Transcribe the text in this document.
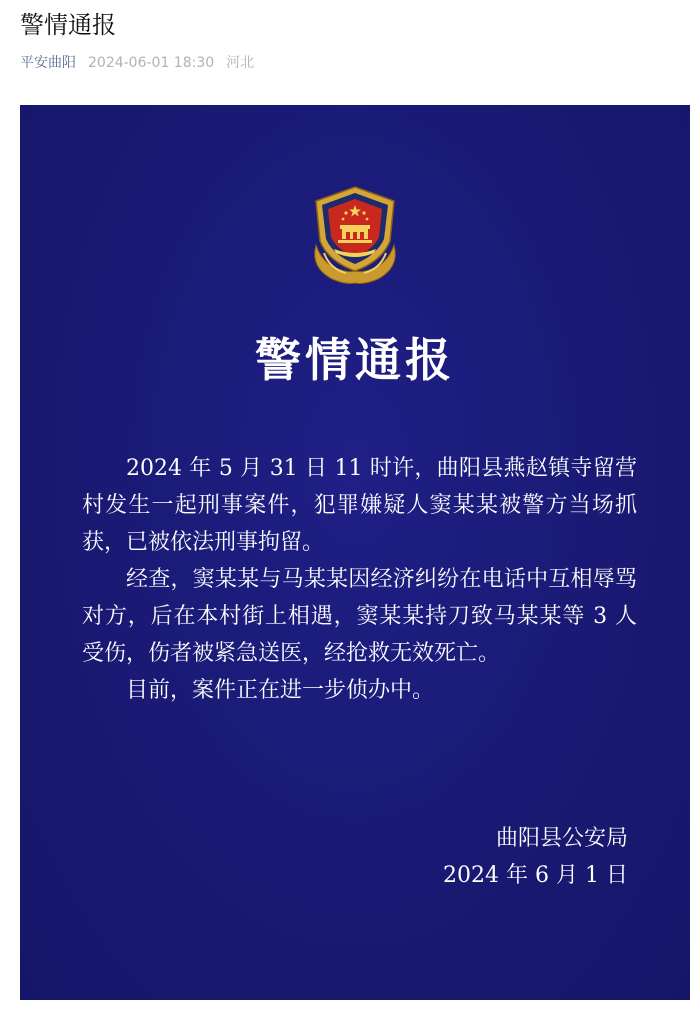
警情通报
平安曲阳 2024-06-01 18:30 河北
警情通报

2024 年 5 月 31 日 11 时许，曲阳县燕赵镇寺留营村发生一起刑事案件，犯罪嫌疑人窦某某被警方当场抓获，已被依法刑事拘留。

经查，窦某某与马某某因经济纠纷在电话中互相辱骂对方，后在本村街上相遇，窦某某持刀致马某某等 3 人受伤，伤者被紧急送医，经抢救无效死亡。

目前，案件正在进一步侦办中。

曲阳县公安局
2024 年 6 月 1 日
